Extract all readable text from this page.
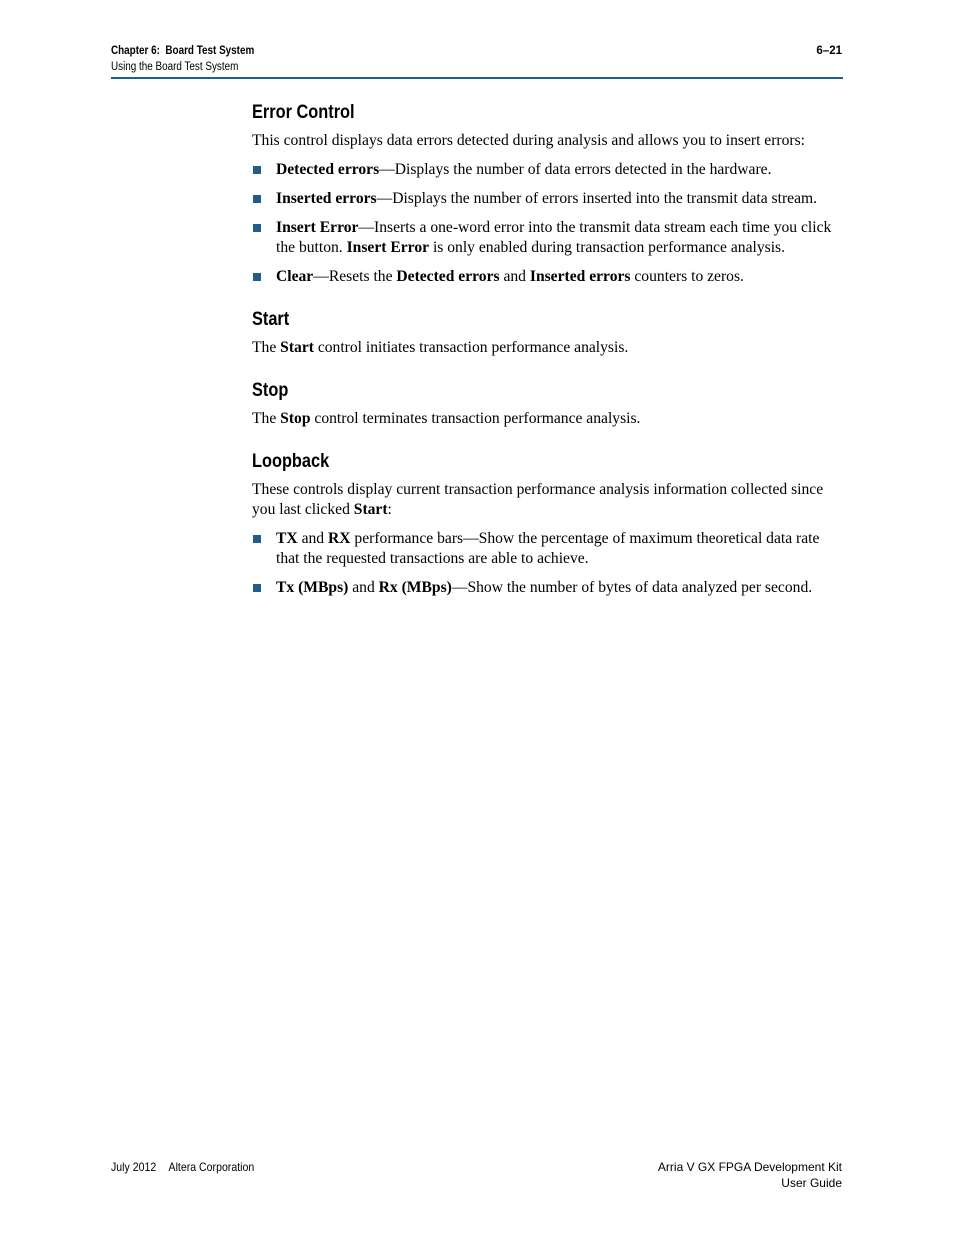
Chapter 6:  Board Test System
Using the Board Test System
6–21
Error Control

This control displays data errors detected during analysis and allows you to insert errors:

Detected errors—Displays the number of data errors detected in the hardware.
Inserted errors—Displays the number of errors inserted into the transmit data stream.
Insert Error—Inserts a one-word error into the transmit data stream each time you click the button. Insert Error is only enabled during transaction performance analysis.
Clear—Resets the Detected errors and Inserted errors counters to zeros.
Start

The Start control initiates transaction performance analysis.

Stop

The Stop control terminates transaction performance analysis.

Loopback

These controls display current transaction performance analysis information collected since you last clicked Start:

TX and RX performance bars—Show the percentage of maximum theoretical data rate that the requested transactions are able to achieve.
Tx (MBps) and Rx (MBps)—Show the number of bytes of data analyzed per second.
July 2012 Altera Corporation	Arria V GX FPGA Development Kit
User Guide
